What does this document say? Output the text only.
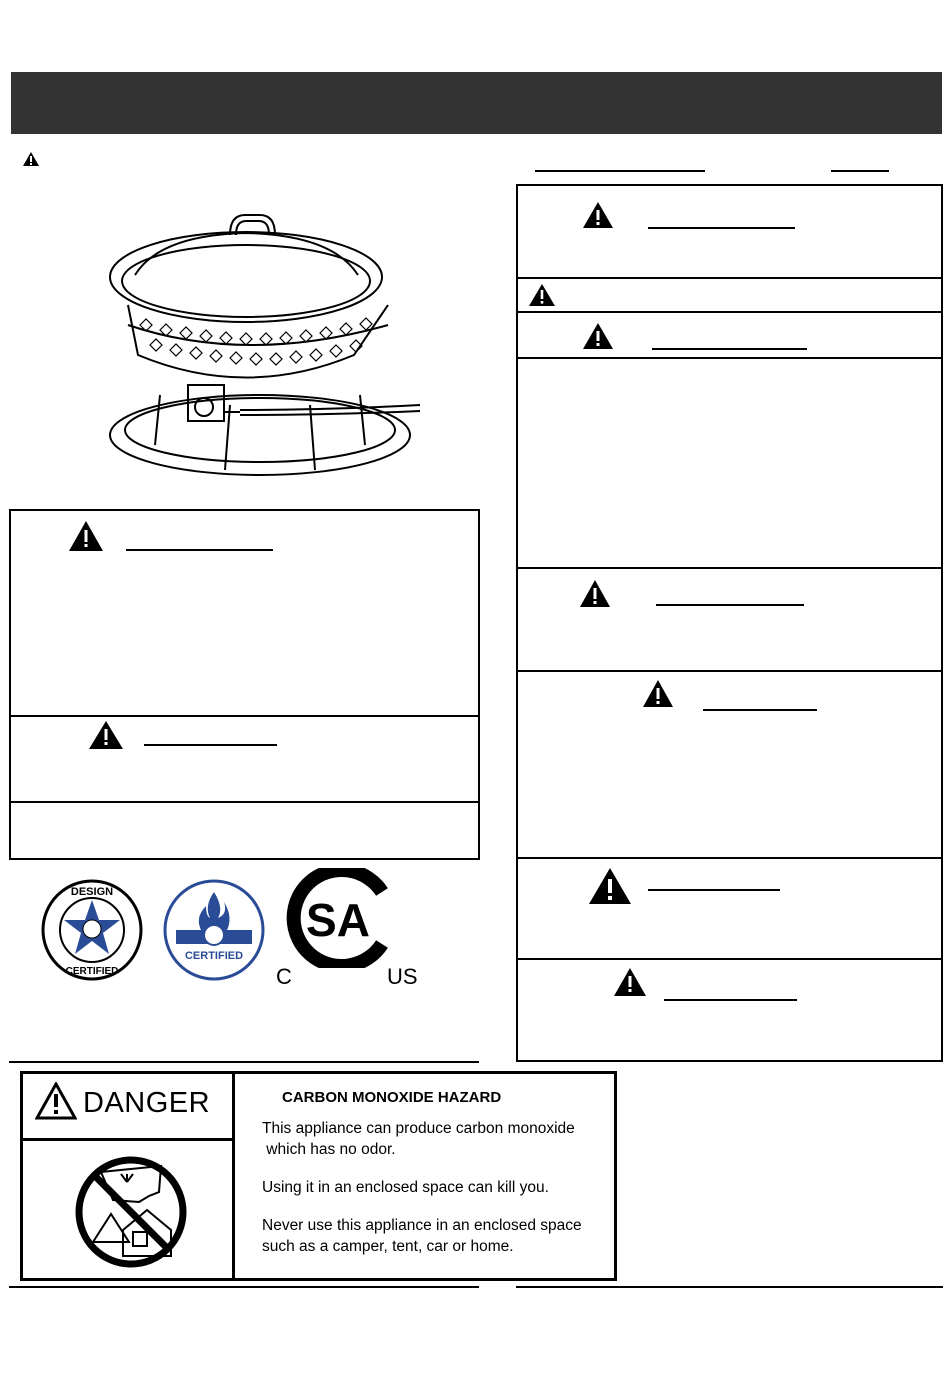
DESIGN
CERTIFIED
CERTIFIED
SA
C	US
DANGER	CARBON MONOXIDE HAZARD
This appliance can produce carbon monoxide
which has no odor.
Using it in an enclosed space can kill you.
Never use this appliance in an enclosed space
such as a camper, tent, car or home.
